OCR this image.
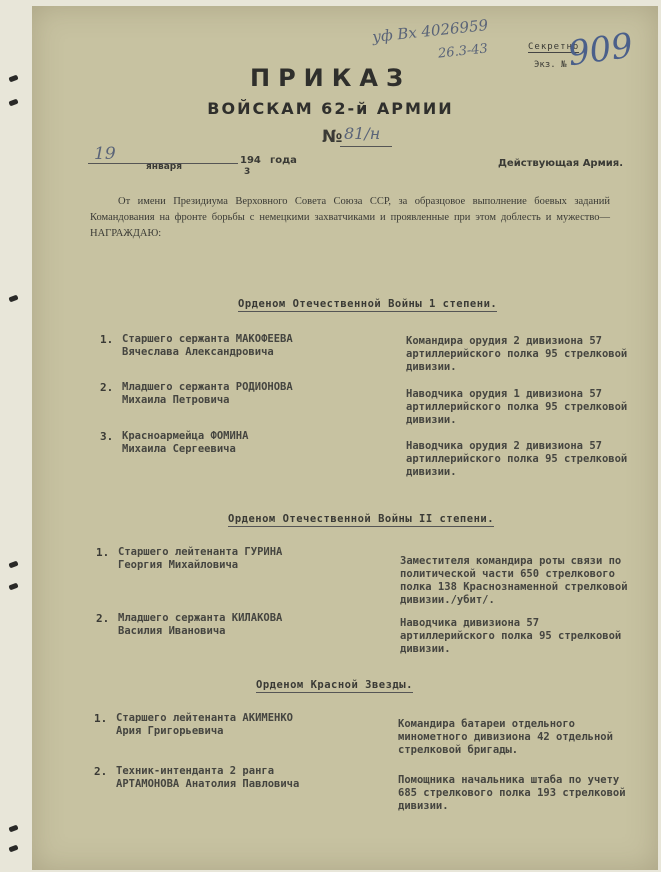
уф Вх 4026959
26.3-43	Секретно
Экз. № 909
ПРИКАЗ
ВОЙСКАМ 62-й АРМИИ
№ 81/н
19
января
194
3
года	Действующая Армия.
От имени Президиума Верховного Совета Союза ССР, за образцовое выполнение боевых заданий Командования на фронте борьбы с немецкими захватчиками и проявленные при этом доблесть и мужество—НАГРАЖДАЮ:
Орденом Отечественной Войны 1 степени.
1. Старшего сержанта МАКОФЕЕВА
Вячеслава Александровича
Командира орудия 2 дивизиона 57 артиллерийского полка 95 стрелковой дивизии.
2. Младшего сержанта РОДИОНОВА
Михаила Петровича	Наводчика орудия 1 дивизиона 57 артиллерийского полка 95 стрелковой дивизии.
3. Красноармейца ФОМИНА
Михаила Сергеевича	Наводчика орудия 2 дивизиона 57 артиллерийского полка 95 стрелковой дивизии.
Орденом Отечественной Войны II степени.
1. Старшего лейтенанта ГУРИНА
Георгия Михайловича	Заместителя командира роты связи по политической части 650 стрелкового полка 138 Краснознаменной стрелковой дивизии./убит/.
2. Младшего сержанта КИЛАКОВА
Василия Ивановича
Наводчика дивизиона 57 артиллерийского полка 95 стрелковой дивизии.
Орденом Красной Звезды.
1. Старшего лейтенанта АКИМЕНКО
Ария Григорьевича
Командира батареи отдельного минометного дивизиона 42 отдельной стрелковой бригады.
2. Техник-интенданта 2 ранга
АРТАМОНОВА Анатолия Павловича	Помощника начальника штаба по учету 685 стрелкового полка 193 стрелковой дивизии.
